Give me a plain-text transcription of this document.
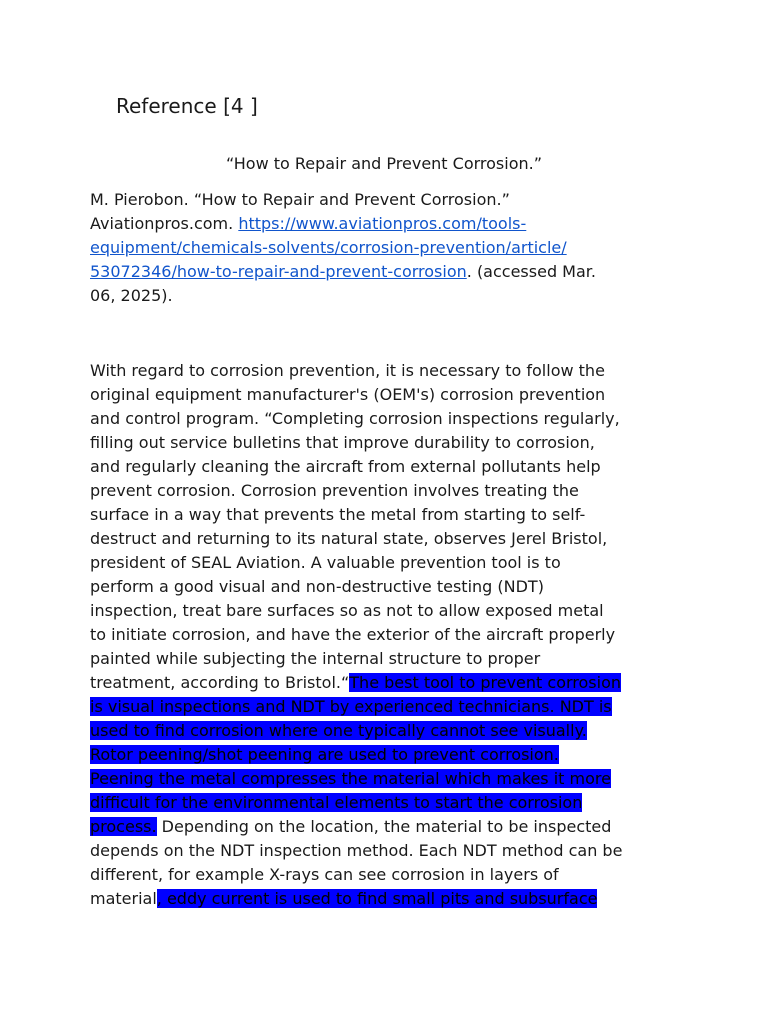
Reference [4 ]
“How to Repair and Prevent Corrosion.”
M. Pierobon. “How to Repair and Prevent Corrosion.”
Aviationpros.com. https://www.aviationpros.com/tools-
equipment/chemicals-solvents/corrosion-prevention/article/
53072346/how-to-repair-and-prevent-corrosion. (accessed Mar.
06, 2025).
With regard to corrosion prevention, it is necessary to follow the
original equipment manufacturer's (OEM's) corrosion prevention
and control program. “Completing corrosion inspections regularly,
filling out service bulletins that improve durability to corrosion,
and regularly cleaning the aircraft from external pollutants help
prevent corrosion. Corrosion prevention involves treating the
surface in a way that prevents the metal from starting to self-
destruct and returning to its natural state, observes Jerel Bristol,
president of SEAL Aviation. A valuable prevention tool is to
perform a good visual and non-destructive testing (NDT)
inspection, treat bare surfaces so as not to allow exposed metal
to initiate corrosion, and have the exterior of the aircraft properly
painted while subjecting the internal structure to proper
treatment, according to Bristol.“The best tool to prevent corrosion
is visual inspections and NDT by experienced technicians. NDT is
used to find corrosion where one typically cannot see visually.
Rotor peening/shot peening are used to prevent corrosion.
Peening the metal compresses the material which makes it more
difficult for the environmental elements to start the corrosion
process. Depending on the location, the material to be inspected
depends on the NDT inspection method. Each NDT method can be
different, for example X-rays can see corrosion in layers of
material, eddy current is used to find small pits and subsurface
